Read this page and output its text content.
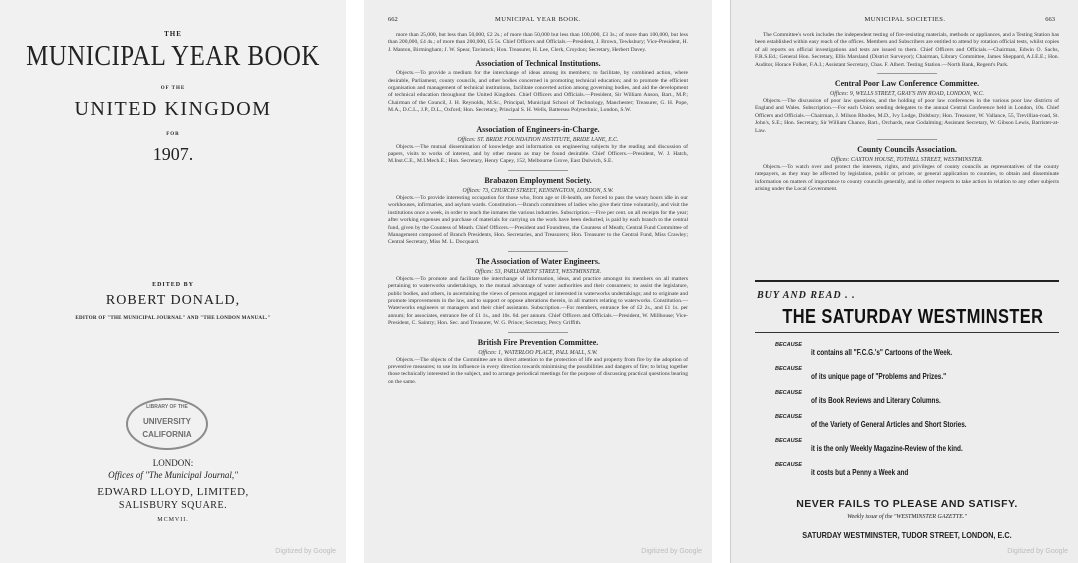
THE
MUNICIPAL YEAR BOOK
OF THE
UNITED KINGDOM
FOR
1907.
EDITED BY
ROBERT DONALD,
EDITOR OF "THE MUNICIPAL JOURNAL" AND "THE LONDON MANUAL."
LIBRARY OF THE
UNIVERSITY
CALIFORNIA
LONDON:
Offices of "The Municipal Journal,"
EDWARD LLOYD, LIMITED,
SALISBURY SQUARE.
MCMVII.
Digitized by Google
662	MUNICIPAL YEAR BOOK.

more than 25,000, but less than 50,000, £2 2s.; of more than 50,000 but less than 100,000, £3 3s.; of more than 100,000, but less than 200,000, £4 4s.; of more than 200,000, £5 5s. Chief Officers and Officials.—President, J. Brown, Tewksbury; Vice-President, H. J. Manton, Birmingham; J. W. Spear, Tavistock; Hon. Treasurer, H. Lee, Clerk, Croydon; Secretary, Herbert Davey.

Association of Technical Institutions.

Objects.—To provide a medium for the interchange of ideas among its members; to facilitate, by combined action, where desirable, Parliament, county councils, and other bodies concerned in promoting technical education; and to promote the efficient organisation and management of technical institutions, facilitate concerted action among governing bodies, and aid the development of technical education throughout the United Kingdom. Chief Officers and Officials.—President, Sir William Anson, Bart., M.P.; Chairman of the Council, J. H. Reynolds, M.Sc., Principal, Municipal School of Technology, Manchester; Treasurer, G. H. Pope, M.A., D.C.L., J.P., D.L., Oxford; Hon. Secretary, Principal S. H. Wells, Battersea Polytechnic, London, S.W.

Association of Engineers-in-Charge.
Offices: ST. BRIDE FOUNDATION INSTITUTE, BRIDE LANE, E.C.

Objects.—The mutual dissemination of knowledge and information on engineering subjects by the reading and discussion of papers, visits to works of interest, and by other means as may be found desirable. Chief Officers.—President, W. J. Hatch, M.Inst.C.E., M.I.Mech.E.; Hon. Secretary, Henry Capey, 152, Melbourne Grove, East Dulwich, S.E.

Brabazon Employment Society.
Offices: 73, CHURCH STREET, KENSINGTON, LONDON, S.W.

Objects.—To provide interesting occupation for those who, from age or ill-health, are forced to pass the weary hours idle in our workhouses, infirmaries, and asylum wards. Constitution.—Branch committees of ladies who give their time voluntarily, and visit the institutions once a week, in order to teach the inmates the various industries. Subscription.—Five per cent. on all receipts for the year; after working expenses and purchase of materials for carrying on the work have been deducted, is paid by each branch to the central fund, given by the Countess of Meath. Chief Officers.—President and Foundress, the Countess of Meath; Central Fund Committee of Management composed of Branch Presidents, Hon. Secretaries, and Treasurers; Hon. Treasurer to the Central Fund, Miss Crawley; Central Secretary, Miss M. L. Docquard.

The Association of Water Engineers.
Offices: 53, PARLIAMENT STREET, WESTMINSTER.

Objects.—To promote and facilitate the interchange of information, ideas, and practice amongst its members on all matters pertaining to waterworks undertakings, to the mutual advantage of water authorities and their consumers; to assist the legislature, public bodies, and others, in ascertaining the views of persons engaged or interested in waterworks undertakings; and to originate and promote improvements in the law, and to support or oppose alterations therein, in all matters relating to waterworks. Constitution.—Waterworks engineers or managers and their chief assistants. Subscription.—For members, entrance fee of £2 2s., and £1 1s. per annum; for associates, entrance fee of £1 1s., and 10s. 6d. per annum. Chief Officers and Officials.—President, W. Millhouse; Vice-President, C. Saintry; Hon. Sec. and Treasurer, W. G. Prince; Secretary, Percy Griffith.

British Fire Prevention Committee.
Offices: 1, WATERLOO PLACE, PALL MALL, S.W.

Objects.—The objects of the Committee are to direct attention to the protection of life and property from fire by the adoption of preventive measures; to use its influence in every direction towards minimising the possibilities and dangers of fire; to bring together those technically interested in the subject, and to arrange periodical meetings for the purpose of discussing practical questions bearing on the same.

Digitized by Google
MUNICIPAL SOCIETIES.	663

The Committee's work includes the independent testing of fire-resisting materials, methods or appliances, and a Testing Station has been established within easy reach of the offices. Members and Subscribers are entitled to attend by rotation official tests, whilst copies of all reports on official investigations and tests are issued to them. Chief Officers and Officials.—Chairman, Edwin O. Sachs, F.R.S.Ed.; General Hon. Secretary, Ellis Marsland (District Surveyor); Chairman, Library Committee, James Sheppard, A.I.E.E.; Hon. Auditor, Horace Folker, F.A.I.; Assistant Secretary, Chas. F. Albert. Testing Station.—North Bank, Regent's Park.

Central Poor Law Conference Committee.
Offices: 9, WELLS STREET, GRAY'S INN ROAD, LONDON, W.C.

Objects.—The discussion of poor law questions, and the holding of poor law conferences in the various poor law districts of England and Wales. Subscription.—For each Union sending delegates to the annual Central Conference held in London, 10s. Chief Officers and Officials.—Chairman, J. Milson Rhodes, M.D., Ivy Lodge, Didsbury; Hon. Treasurer, W. Vallance, 55, Trevillian-road, St. John's, S.E.; Hon. Secretary, Sir William Chance, Bart., Orchards, near Godalming; Assistant Secretary, W. Gibson Lewis, Barrister-at-Law.

County Councils Association.
Offices: CAXTON HOUSE, TOTHILL STREET, WESTMINSTER.

Objects.—To watch over and protect the interests, rights, and privileges of county councils as representatives of the county ratepayers, as they may be affected by legislation, public or private, or general application to counties, to obtain and disseminate information on matters of importance to county councils generally, and in other respects to take action in relation to any other subjects arising under the Local Government.

BUY AND READ . .
THE SATURDAY WESTMINSTER
BECAUSE
it contains all "F.C.G.'s" Cartoons of the Week.
BECAUSE
of its unique page of "Problems and Prizes."
BECAUSE
of its Book Reviews and Literary Columns.
BECAUSE
of the Variety of General Articles and Short Stories.
BECAUSE
it is the only Weekly Magazine-Review of the kind.
BECAUSE
it costs but a Penny a Week and
NEVER FAILS TO PLEASE AND SATISFY.
Weekly issue of the "WESTMINSTER GAZETTE."
SATURDAY WESTMINSTER, TUDOR STREET, LONDON, E.C.
Digitized by Google
